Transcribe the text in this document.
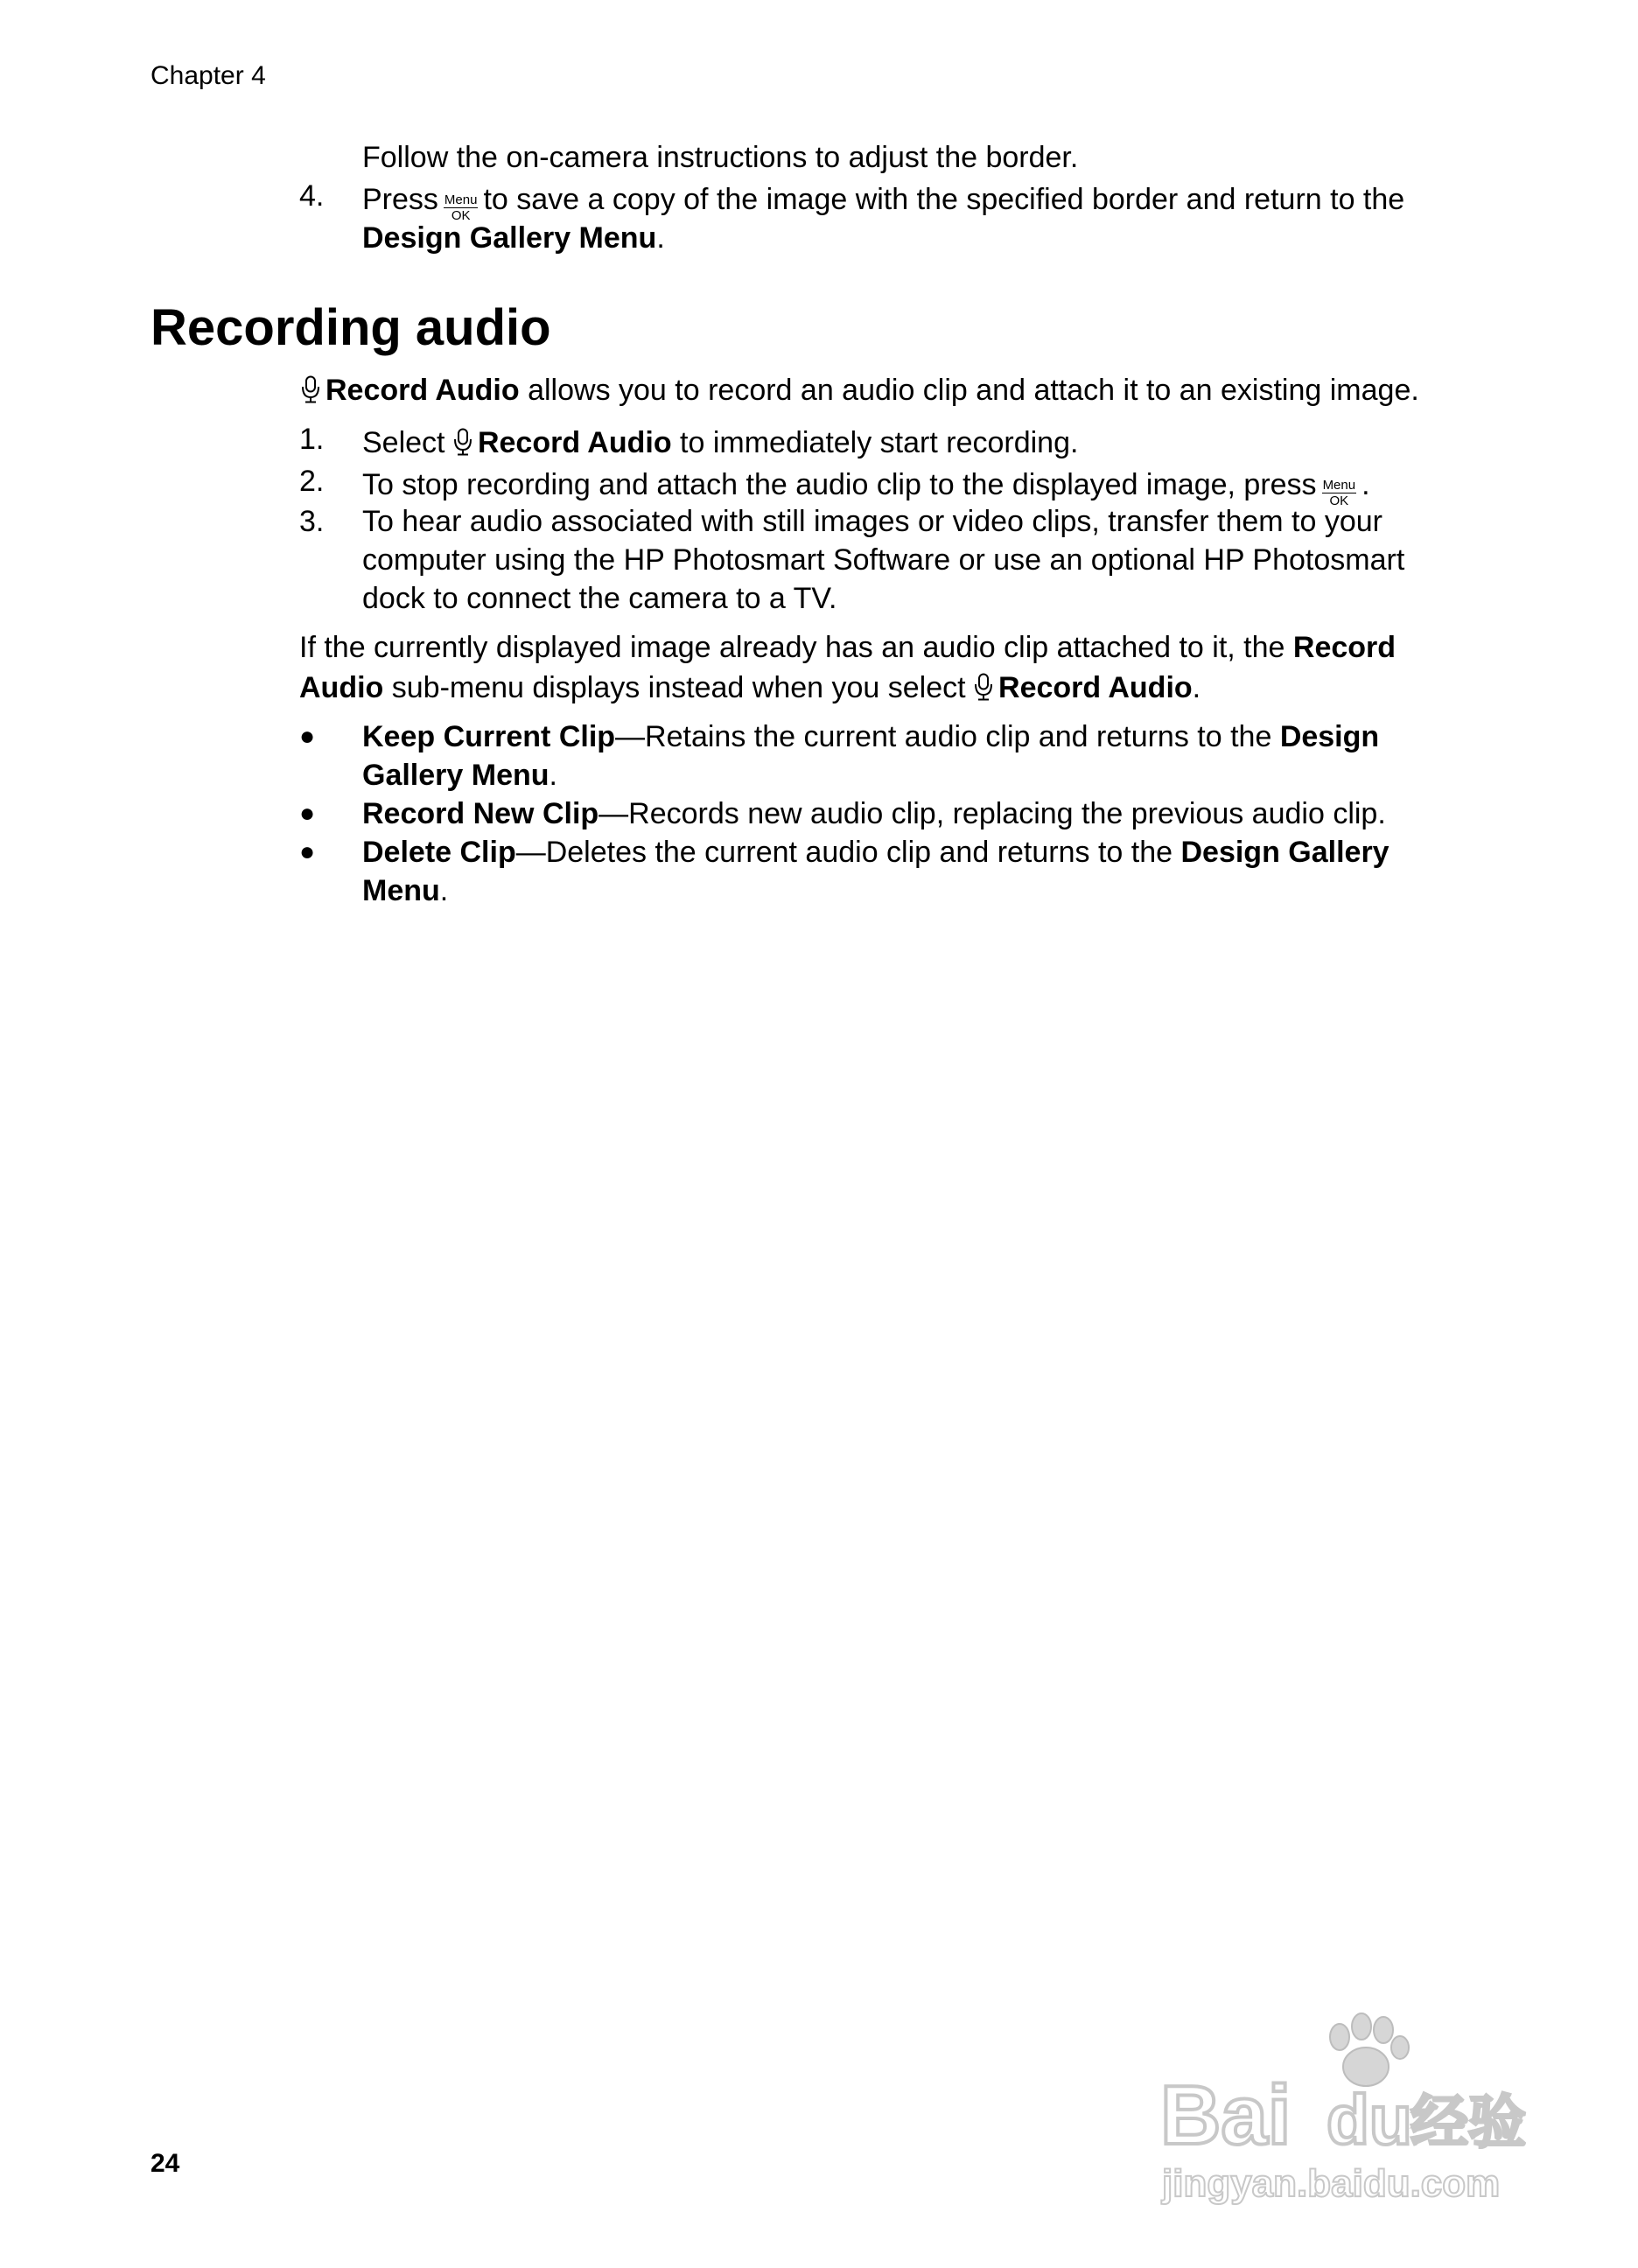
Chapter 4
Follow the on-camera instructions to adjust the border.
4. Press Menu
OK to save a copy of the image with the specified border and return to the
Design Gallery Menu.
Recording audio
Record Audio allows you to record an audio clip and attach it to an existing image.
1. Select Record Audio to immediately start recording.
2. To stop recording and attach the audio clip to the displayed image, press Menu
OK .
3. To hear audio associated with still images or video clips, transfer them to your
computer using the HP Photosmart Software or use an optional HP Photosmart
dock to connect the camera to a TV.
If the currently displayed image already has an audio clip attached to it, the Record
Audio sub-menu displays instead when you select Record Audio.
● Keep Current Clip—Retains the current audio clip and returns to the Design
Gallery Menu.
● Record New Clip—Records new audio clip, replacing the previous audio clip.
● Delete Clip—Deletes the current audio clip and returns to the Design Gallery
Menu.
Bai du
经验
jingyan.baidu.com
24
